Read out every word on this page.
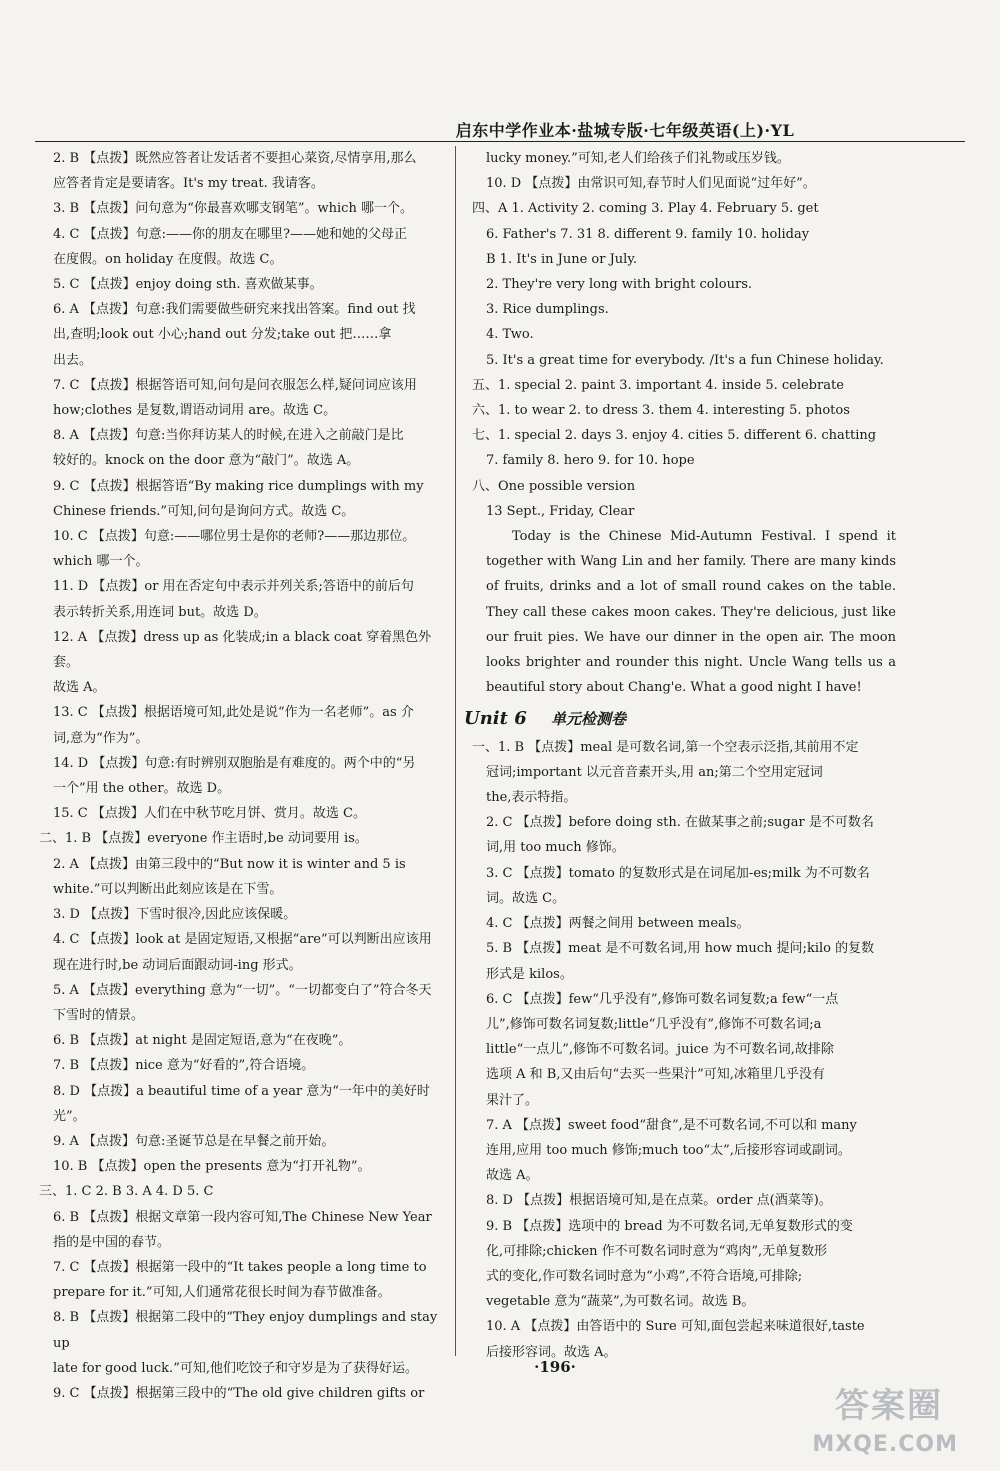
启东中学作业本·盐城专版·七年级英语(上)·YL
2. B 【点拨】既然应答者让发话者不要担心菜资,尽情享用,那么
应答者肯定是要请客。It's my treat. 我请客。
3. B 【点拨】问句意为“你最喜欢哪支钢笔”。which 哪一个。
4. C 【点拨】句意:——你的朋友在哪里?——她和她的父母正
在度假。on holiday 在度假。故选 C。
5. C 【点拨】enjoy doing sth. 喜欢做某事。
6. A 【点拨】句意:我们需要做些研究来找出答案。find out 找
出,查明;look out 小心;hand out 分发;take out 把……拿
出去。
7. C 【点拨】根据答语可知,问句是问衣服怎么样,疑问词应该用
how;clothes 是复数,谓语动词用 are。故选 C。
8. A 【点拨】句意:当你拜访某人的时候,在进入之前敲门是比
较好的。knock on the door 意为“敲门”。故选 A。
9. C 【点拨】根据答语“By making rice dumplings with my
Chinese friends.”可知,问句是询问方式。故选 C。
10. C 【点拨】句意:——哪位男士是你的老师?——那边那位。
which 哪一个。
11. D 【点拨】or 用在否定句中表示并列关系;答语中的前后句
表示转折关系,用连词 but。故选 D。
12. A 【点拨】dress up as 化装成;in a black coat 穿着黑色外套。
故选 A。
13. C 【点拨】根据语境可知,此处是说“作为一名老师”。as 介
词,意为“作为”。
14. D 【点拨】句意:有时辨别双胞胎是有难度的。两个中的“另
一个”用 the other。故选 D。
15. C 【点拨】人们在中秋节吃月饼、赏月。故选 C。
二、1. B 【点拨】everyone 作主语时,be 动词要用 is。
2. A 【点拨】由第三段中的“But now it is winter and 5 is
white.”可以判断出此刻应该是在下雪。
3. D 【点拨】下雪时很冷,因此应该保暖。
4. C 【点拨】look at 是固定短语,又根据“are”可以判断出应该用
现在进行时,be 动词后面跟动词-ing 形式。
5. A 【点拨】everything 意为“一切”。“一切都变白了”符合冬天
下雪时的情景。
6. B 【点拨】at night 是固定短语,意为“在夜晚”。
7. B 【点拨】nice 意为“好看的”,符合语境。
8. D 【点拨】a beautiful time of a year 意为“一年中的美好时
光”。
9. A 【点拨】句意:圣诞节总是在早餐之前开始。
10. B 【点拨】open the presents 意为“打开礼物”。
三、1. C 2. B 3. A 4. D 5. C
6. B 【点拨】根据文章第一段内容可知,The Chinese New Year
指的是中国的春节。
7. C 【点拨】根据第一段中的“It takes people a long time to
prepare for it.”可知,人们通常花很长时间为春节做准备。
8. B 【点拨】根据第二段中的“They enjoy dumplings and stay up
late for good luck.”可知,他们吃饺子和守岁是为了获得好运。
9. C 【点拨】根据第三段中的“The old give children gifts or
lucky money.”可知,老人们给孩子们礼物或压岁钱。
10. D 【点拨】由常识可知,春节时人们见面说“过年好”。
四、A 1. Activity 2. coming 3. Play 4. February 5. get
6. Father's 7. 31 8. different 9. family 10. holiday
B 1. It's in June or July.
2. They're very long with bright colours.
3. Rice dumplings.
4. Two.
5. It's a great time for everybody. /It's a fun Chinese holiday.
五、1. special 2. paint 3. important 4. inside 5. celebrate
六、1. to wear 2. to dress 3. them 4. interesting 5. photos
七、1. special 2. days 3. enjoy 4. cities 5. different 6. chatting
7. family 8. hero 9. for 10. hope
八、One possible version
13 Sept., Friday, Clear
Today is the Chinese Mid-Autumn Festival. I spend it together with Wang Lin and her family. There are many kinds of fruits, drinks and a lot of small round cakes on the table. They call these cakes moon cakes. They're delicious, just like our fruit pies. We have our dinner in the open air. The moon looks brighter and rounder this night. Uncle Wang tells us a beautiful story about Chang'e. What a good night I have!
Unit 6 单元检测卷
一、1. B 【点拨】meal 是可数名词,第一个空表示泛指,其前用不定
冠词;important 以元音音素开头,用 an;第二个空用定冠词
the,表示特指。
2. C 【点拨】before doing sth. 在做某事之前;sugar 是不可数名
词,用 too much 修饰。
3. C 【点拨】tomato 的复数形式是在词尾加-es;milk 为不可数名
词。故选 C。
4. C 【点拨】两餐之间用 between meals。
5. B 【点拨】meat 是不可数名词,用 how much 提问;kilo 的复数
形式是 kilos。
6. C 【点拨】few“几乎没有”,修饰可数名词复数;a few“一点
儿”,修饰可数名词复数;little“几乎没有”,修饰不可数名词;a
little“一点儿”,修饰不可数名词。juice 为不可数名词,故排除
选项 A 和 B,又由后句“去买一些果汁”可知,冰箱里几乎没有
果汁了。
7. A 【点拨】sweet food“甜食”,是不可数名词,不可以和 many
连用,应用 too much 修饰;much too“太”,后接形容词或副词。
故选 A。
8. D 【点拨】根据语境可知,是在点菜。order 点(酒菜等)。
9. B 【点拨】选项中的 bread 为不可数名词,无单复数形式的变
化,可排除;chicken 作不可数名词时意为“鸡肉”,无单复数形
式的变化,作可数名词时意为“小鸡”,不符合语境,可排除;
vegetable 意为“蔬菜”,为可数名词。故选 B。
10. A 【点拨】由答语中的 Sure 可知,面包尝起来味道很好,taste
后接形容词。故选 A。
·196·
答案圈
MXQE.COM
